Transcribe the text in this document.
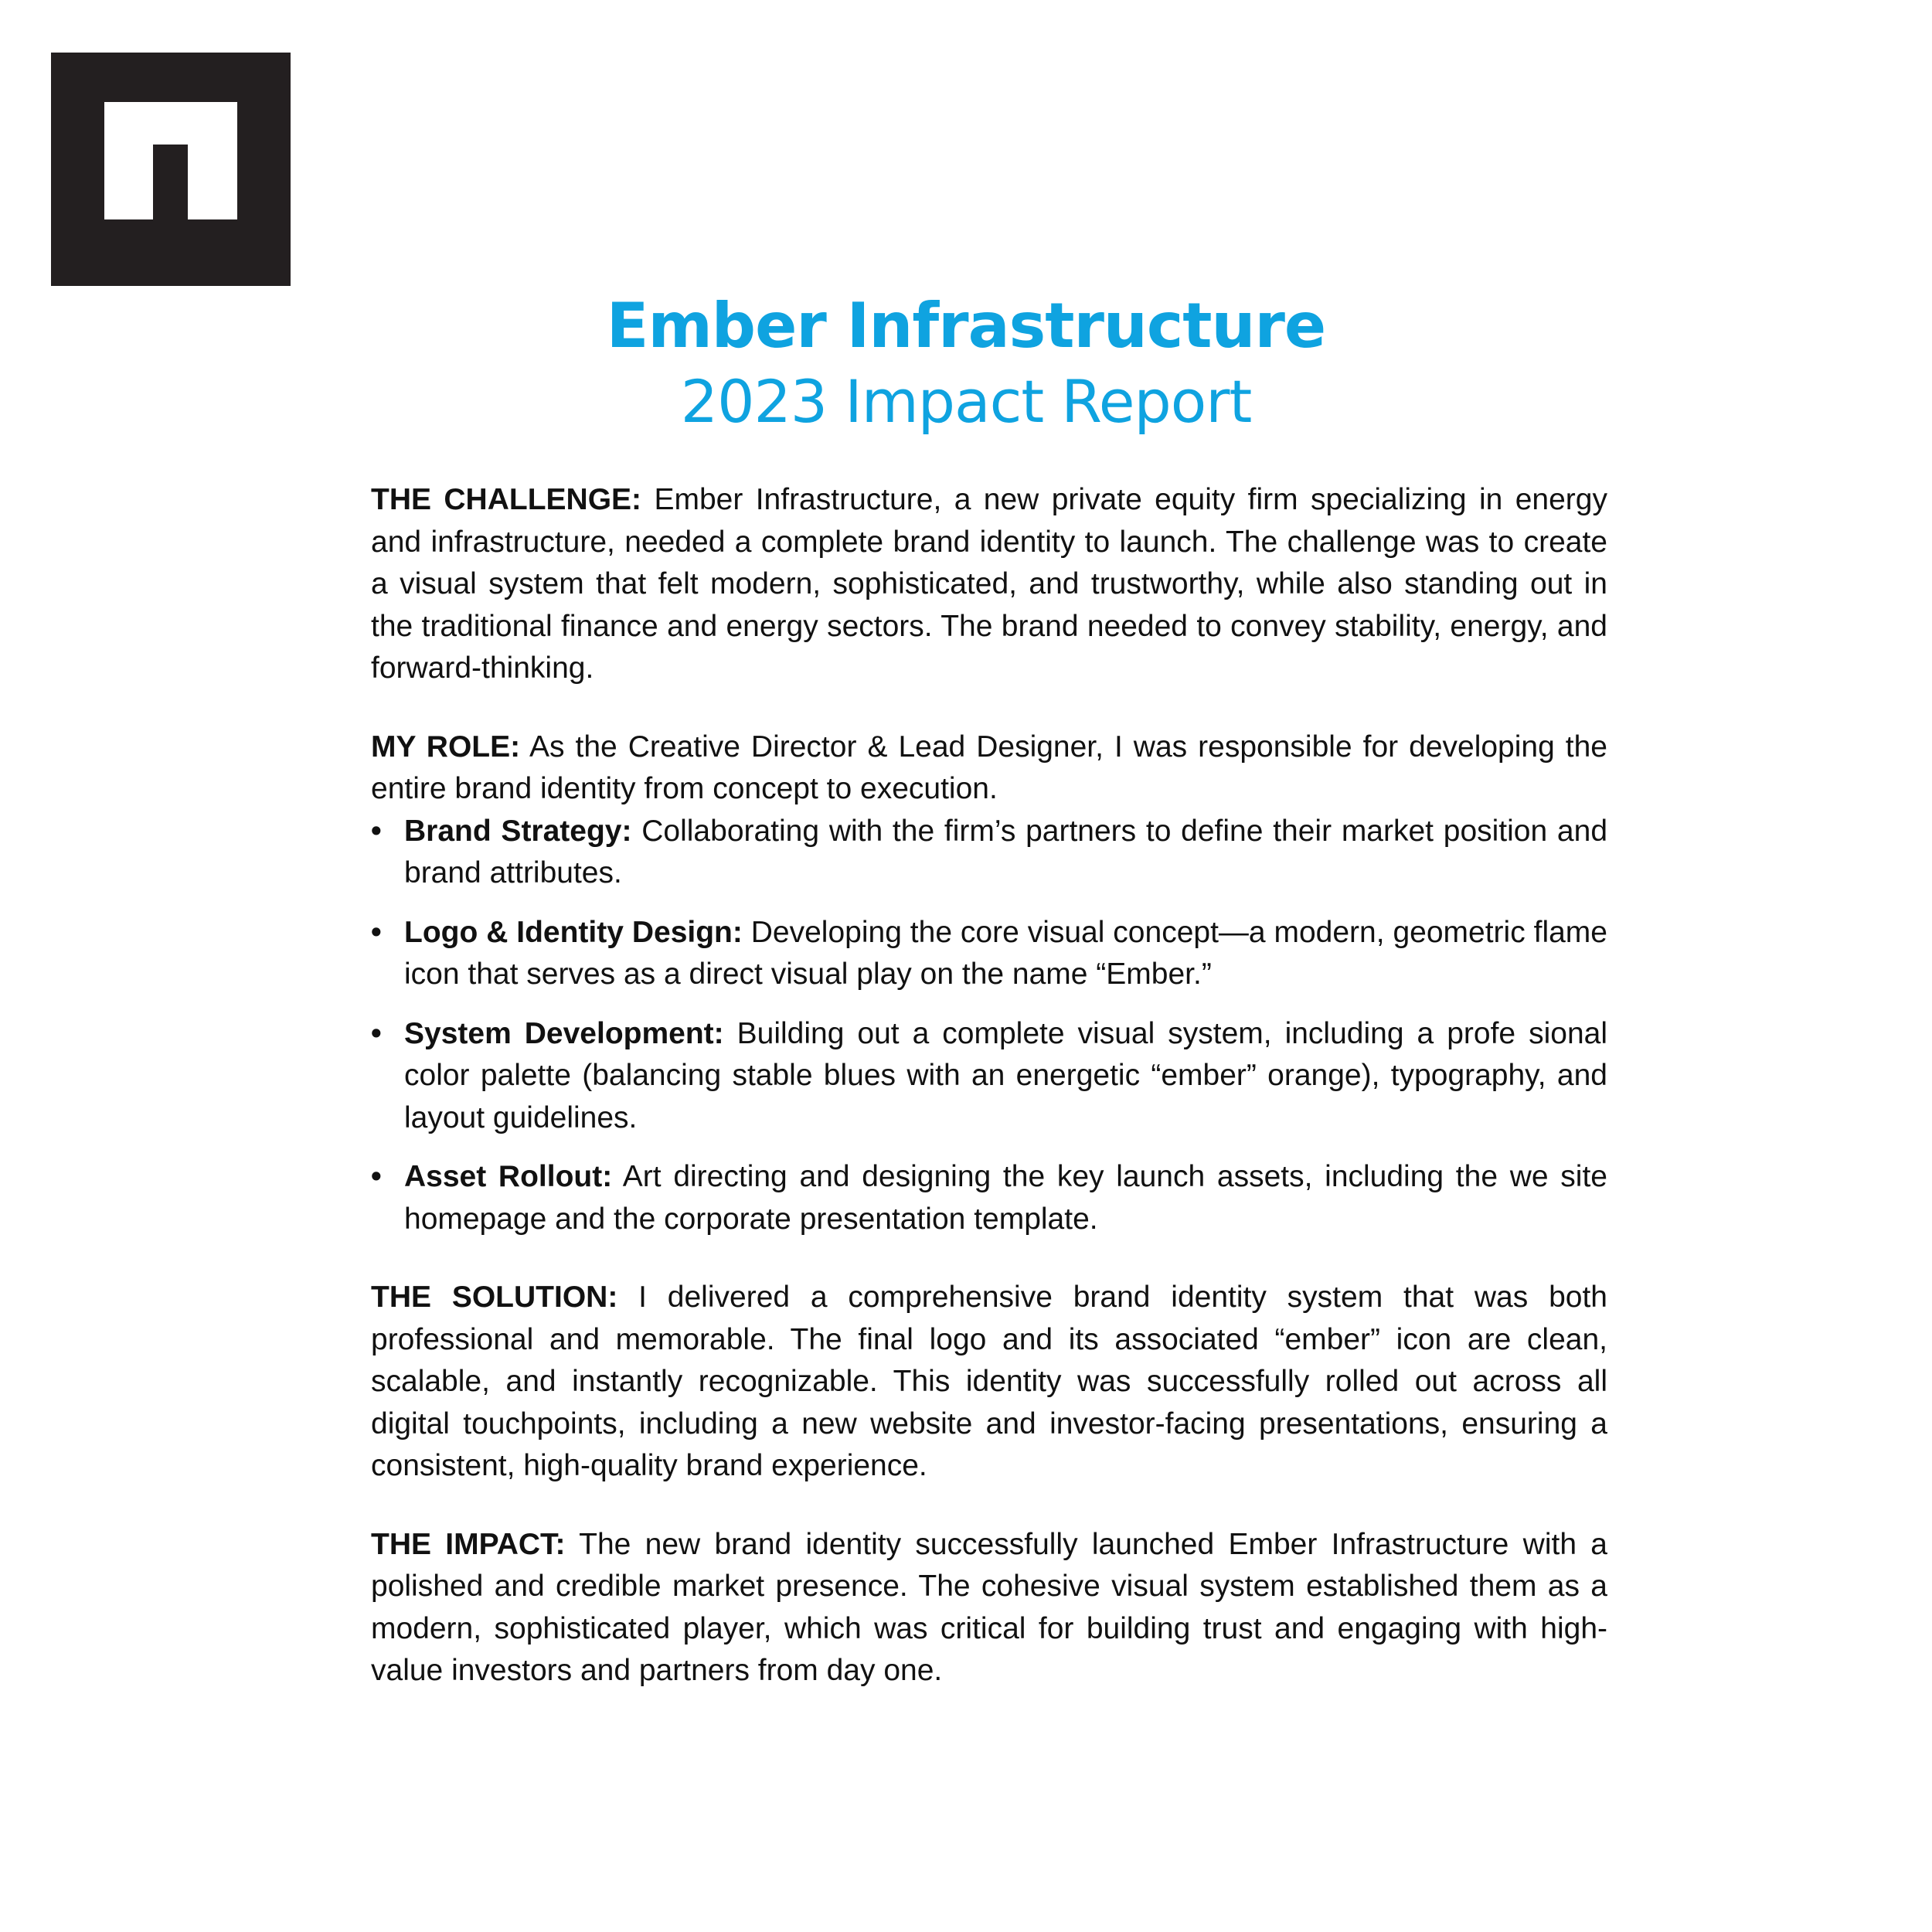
Ember Infrastructure
2023 Impact Report

THE CHALLENGE: Ember Infrastructure, a new private equity firm specializing in energy and infrastructure, needed a complete brand identity to launch. The challenge was to create a visual system that felt modern, sophisticated, and trustworthy, while also standing out in the traditional finance and energy sectors. The brand needed to convey stability, energy, and forward-thinking.

MY ROLE: As the Creative Director & Lead Designer, I was responsible for developing the entire brand identity from concept to execution.

• Brand Strategy: Collaborating with the firm’s partners to define their market position and brand attributes.
• Logo & Identity Design: Developing the core visual concept—a modern, geometric flame icon that serves as a direct visual play on the name “Ember.”
• System Development: Building out a complete visual system, including a profe sional color palette (balancing stable blues with an energetic “ember” orange), typography, and layout guidelines.
• Asset Rollout: Art directing and designing the key launch assets, including the we site homepage and the corporate presentation template.

THE SOLUTION: I delivered a comprehensive brand identity system that was both professional and memorable. The final logo and its associated “ember” icon are clean, scalable, and instantly recognizable. This identity was successfully rolled out across all digital touchpoints, including a new website and investor-facing presentations, ensuring a consistent, high-quality brand experience.

THE IMPACT: The new brand identity successfully launched Ember Infrastructure with a polished and credible market presence. The cohesive visual system established them as a modern, sophisticated player, which was critical for building trust and engaging with high-value investors and partners from day one.
